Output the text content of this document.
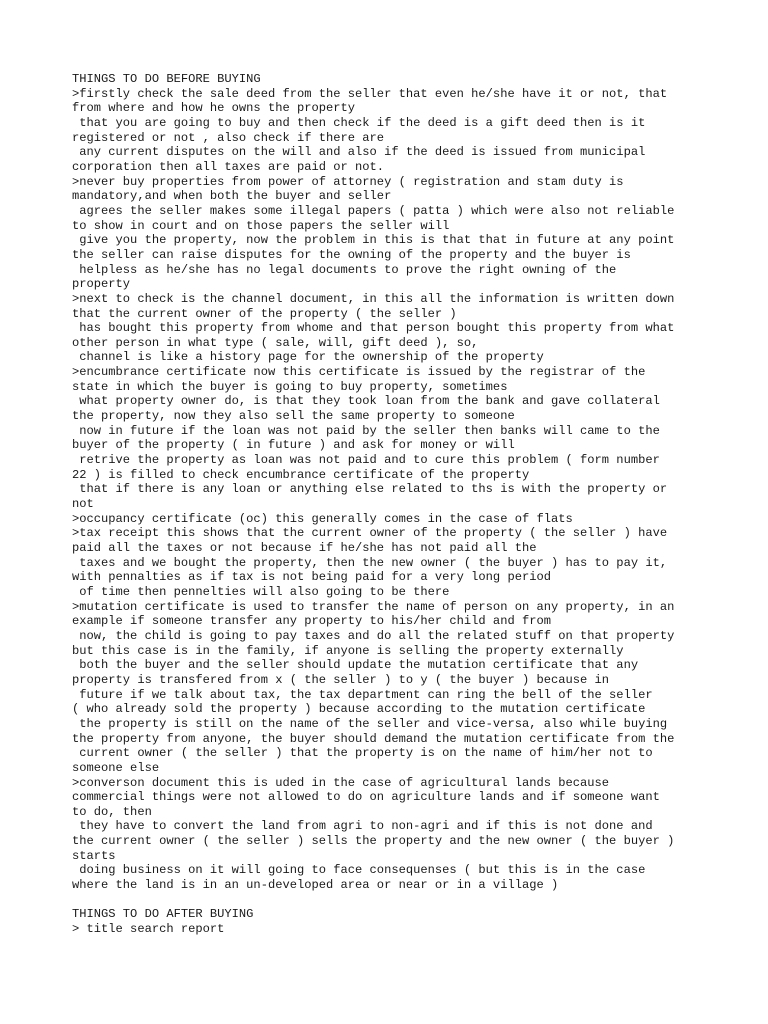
THINGS TO DO BEFORE BUYING
>firstly check the sale deed from the seller that even he/she have it or not, that
from where and how he owns the property
that you are going to buy and then check if the deed is a gift deed then is it
registered or not , also check if there are
any current disputes on the will and also if the deed is issued from municipal
corporation then all taxes are paid or not.
>never buy properties from power of attorney ( registration and stam duty is
mandatory,and when both the buyer and seller
agrees the seller makes some illegal papers ( patta ) which were also not reliable
to show in court and on those papers the seller will
give you the property, now the problem in this is that that in future at any point
the seller can raise disputes for the owning of the property and the buyer is
helpless as he/she has no legal documents to prove the right owning of the
property
>next to check is the channel document, in this all the information is written down
that the current owner of the property ( the seller )
has bought this property from whome and that person bought this property from what
other person in what type ( sale, will, gift deed ), so,
channel is like a history page for the ownership of the property
>encumbrance certificate now this certificate is issued by the registrar of the
state in which the buyer is going to buy property, sometimes
what property owner do, is that they took loan from the bank and gave collateral
the property, now they also sell the same property to someone
now in future if the loan was not paid by the seller then banks will came to the
buyer of the property ( in future ) and ask for money or will
retrive the property as loan was not paid and to cure this problem ( form number
22 ) is filled to check encumbrance certificate of the property
that if there is any loan or anything else related to ths is with the property or
not
>occupancy certificate (oc) this generally comes in the case of flats
>tax receipt this shows that the current owner of the property ( the seller ) have
paid all the taxes or not because if he/she has not paid all the
taxes and we bought the property, then the new owner ( the buyer ) has to pay it,
with pennalties as if tax is not being paid for a very long period
of time then pennelties will also going to be there
>mutation certificate is used to transfer the name of person on any property, in an
example if someone transfer any property to his/her child and from
now, the child is going to pay taxes and do all the related stuff on that property
but this case is in the family, if anyone is selling the property externally
both the buyer and the seller should update the mutation certificate that any
property is transfered from x ( the seller ) to y ( the buyer ) because in
future if we talk about tax, the tax department can ring the bell of the seller
( who already sold the property ) because according to the mutation certificate
the property is still on the name of the seller and vice-versa, also while buying
the property from anyone, the buyer should demand the mutation certificate from the
current owner ( the seller ) that the property is on the name of him/her not to
someone else
>converson document this is uded in the case of agricultural lands because
commercial things were not allowed to do on agriculture lands and if someone want
to do, then
they have to convert the land from agri to non-agri and if this is not done and
the current owner ( the seller ) sells the property and the new owner ( the buyer )
starts
doing business on it will going to face consequenses ( but this is in the case
where the land is in an un-developed area or near or in a village )
THINGS TO DO AFTER BUYING
> title search report
